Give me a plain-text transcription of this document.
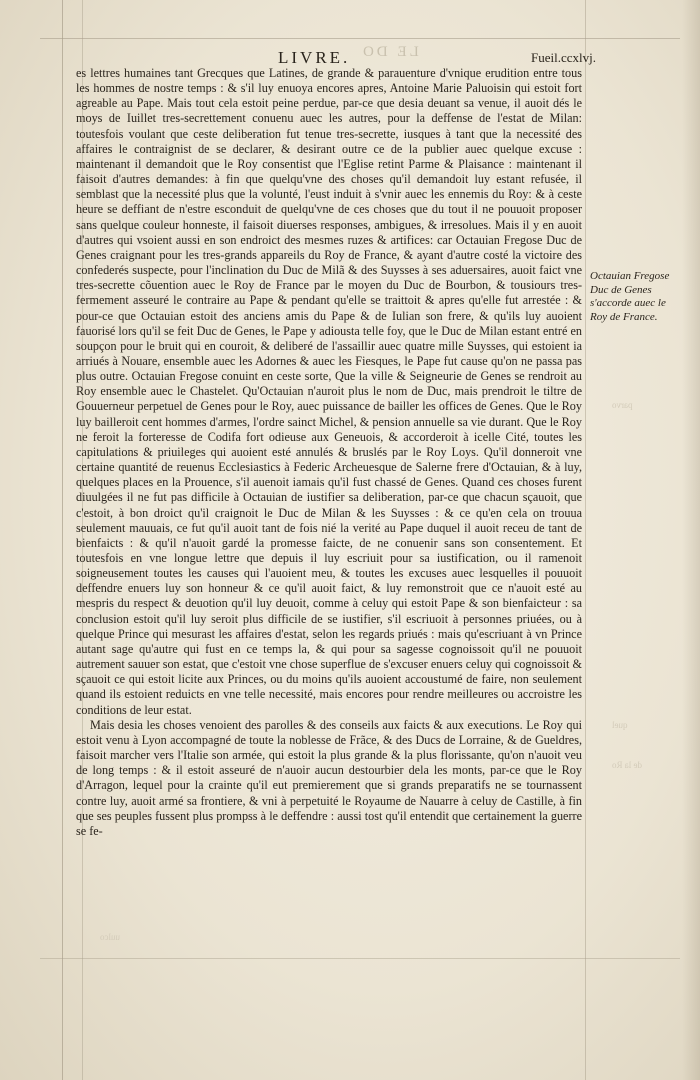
LE DO
LIVRE.	Fueil.ccxlvj.

es lettres humaines tant Grecques que Latines, de grande & parauenture d'vnique erudition entre tous les hommes de nostre temps : & s'il luy enuoya encores apres, Antoine Marie Paluoisin qui estoit fort agreable au Pape. Mais tout cela estoit peine perdue, par-ce que desia deuant sa venue, il auoit dés le moys de Iuillet tres-secrettement conuenu auec les autres, pour la deffense de l'estat de Milan: toutesfois voulant que ceste deliberation fut tenue tres-secrette, iusques à tant que la necessité des affaires le contraignist de se declarer, & desirant outre ce de la publier auec quelque excuse : maintenant il demandoit que le Roy consentist que l'Eglise retint Parme & Plaisance : maintenant il faisoit d'autres demandes: à fin que quelqu'vne des choses qu'il demandoit luy estant refusée, il semblast que la necessité plus que la volunté, l'eust induit à s'vnir auec les ennemis du Roy: & à ceste heure se deffiant de n'estre esconduit de quelqu'vne de ces choses que du tout il ne pouuoit proposer sans quelque couleur honneste, il faisoit diuerses responses, ambigues, & irresolues. Mais il y en auoit d'autres qui vsoient aussi en son endroict des mesmes ruzes & artifices: car Octauian Fregose Duc de Genes craignant pour les tres-grands appareils du Roy de France, & ayant d'autre costé la victoire des confederés suspecte, pour l'inclination du Duc de Milã & des Suysses à ses aduersaires, auoit faict vne tres-secrette cõuention auec le Roy de France par le moyen du Duc de Bourbon, & tousiours tres-fermement asseuré le contraire au Pape & pendant qu'elle se traittoit & apres qu'elle fut arrestée : & pour-ce que Octauian estoit des anciens amis du Pape & de Iulian son frere, & qu'ils luy auoient fauorisé lors qu'il se feit Duc de Genes, le Pape y adiousta telle foy, que le Duc de Milan estant entré en soupçon pour le bruit qui en couroit, & deliberé de l'assaillir auec quatre mille Suysses, qui estoient ia arriués à Nouare, ensemble auec les Adornes & auec les Fiesques, le Pape fut cause qu'on ne passa pas plus outre. Octauian Fregose conuint en ceste sorte, Que la ville & Seigneurie de Genes se rendroit au Roy ensemble auec le Chastelet. Qu'Octauian n'auroit plus le nom de Duc, mais prendroit le tiltre de Gouuerneur perpetuel de Genes pour le Roy, auec puissance de bailler les offices de Genes. Que le Roy luy bailleroit cent hommes d'armes, l'ordre sainct Michel, & pension annuelle sa vie durant. Que le Roy ne feroit la forteresse de Codifa fort odieuse aux Geneuois, & accorderoit à icelle Cité, toutes les capitulations & priuileges qui auoient esté annulés & bruslés par le Roy Loys. Qu'il donneroit vne certaine quantité de reuenus Ecclesiastics à Federic Archeuesque de Salerne frere d'Octauian, & à luy, quelques places en la Prouence, s'il auenoit iamais qu'il fust chassé de Genes. Quand ces choses furent diuulgées il ne fut pas difficile à Octauian de iustifier sa deliberation, par-ce que chacun sçauoit, que c'estoit, à bon droict qu'il craignoit le Duc de Milan & les Suysses : & ce qu'en cela on trouua seulement mauuais, ce fut qu'il auoit tant de fois nié la verité au Pape duquel il auoit receu de tant de bienfaicts : & qu'il n'auoit gardé la promesse faicte, de ne conuenir sans son consentement. Et toutesfois en vne longue lettre que depuis il luy escriuit pour sa iustification, ou il ramenoit soigneusement toutes les causes qui l'auoient meu, & toutes les excuses auec lesquelles il pouuoit deffendre enuers luy son honneur & ce qu'il auoit faict, & luy remonstroit que ce n'auoit esté au mespris du respect & deuotion qu'il luy deuoit, comme à celuy qui estoit Pape & son bienfaicteur : sa conclusion estoit qu'il luy seroit plus difficile de se iustifier, s'il escriuoit à personnes priuées, ou à quelque Prince qui mesurast les affaires d'estat, selon les regards priués : mais qu'escriuant à vn Prince autant sage qu'autre qui fust en ce temps la, & qui pour sa sagesse cognoissoit qu'il ne pouuoit autrement sauuer son estat, que c'estoit vne chose superflue de s'excuser enuers celuy qui cognoissoit & sçauoit ce qui estoit licite aux Princes, ou du moins qu'ils auoient accoustumé de faire, non seulement quand ils estoient reduicts en vne telle necessité, mais encores pour rendre meilleures ou accroistre les conditions de leur estat.

Mais desia les choses venoient des parolles & des conseils aux faicts & aux executions. Le Roy qui estoit venu à Lyon accompagné de toute la noblesse de Frãce, & des Ducs de Lorraine, & de Gueldres, faisoit marcher vers l'Italie son armée, qui estoit la plus grande & la plus florissante, qu'on n'auoit veu de long temps : & il estoit asseuré de n'auoir aucun destourbier dela les monts, par-ce que le Roy d'Arragon, lequel pour la crainte qu'il eut premierement que si grands preparatifs ne se tournassent contre luy, auoit armé sa frontiere, & vni à perpetuité le Royaume de Nauarre à celuy de Castille, à fin que ses peuples fussent plus prompss à le deffendre : aussi tost qu'il entendit que certainement la guerre se fe-

Octauian Fregose Duc de Genes s'accorde auec le Roy de France.
parvo
quel
de la Ro
uulco
